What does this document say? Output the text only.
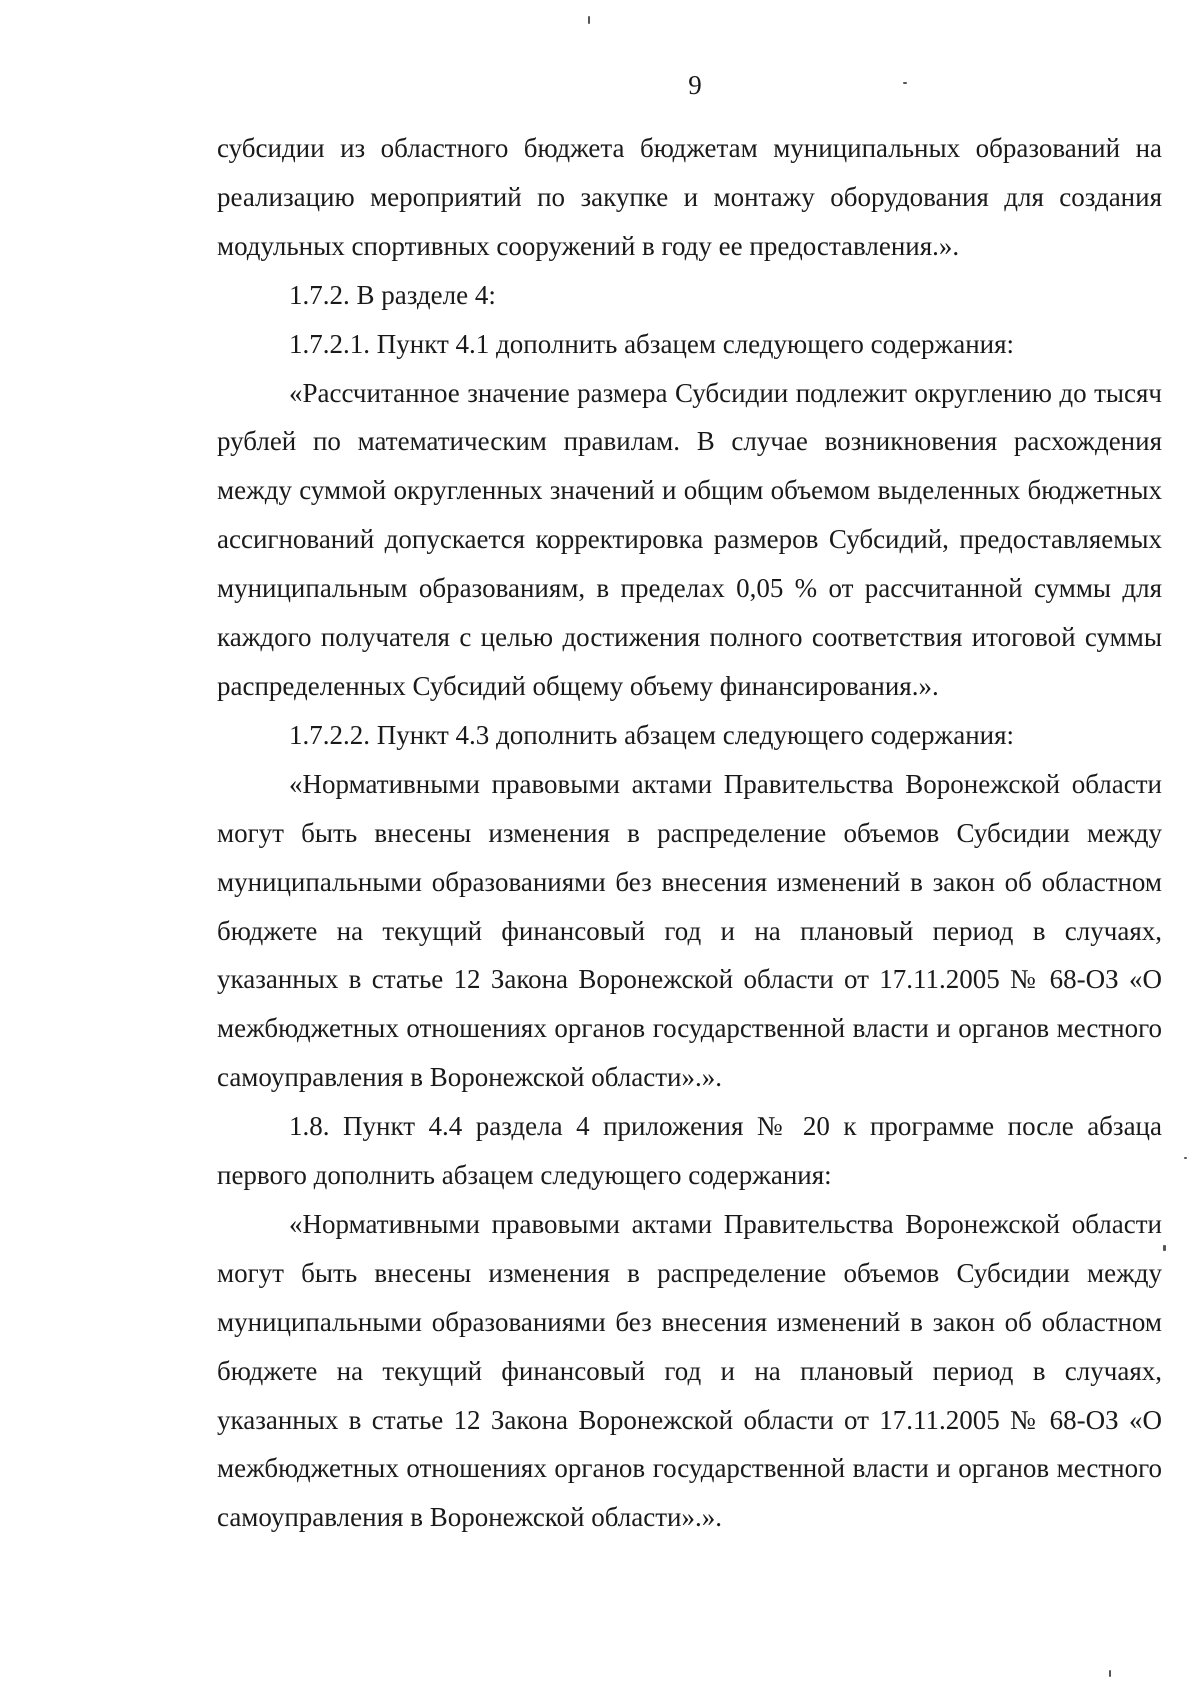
9

субсидии из областного бюджета бюджетам муниципальных образований на реализацию мероприятий по закупке и монтажу оборудования для создания модульных спортивных сооружений в году ее предоставления.».

1.7.2. В разделе 4:

1.7.2.1. Пункт 4.1 дополнить абзацем следующего содержания:

«Рассчитанное значение размера Субсидии подлежит округлению до тысяч рублей по математическим правилам. В случае возникновения расхождения между суммой округленных значений и общим объемом выделенных бюджетных ассигнований допускается корректировка размеров Субсидий, предоставляемых муниципальным образованиям, в пределах 0,05 % от рассчитанной суммы для каждого получателя с целью достижения полного соответствия итоговой суммы распределенных Субсидий общему объему финансирования.».

1.7.2.2. Пункт 4.3 дополнить абзацем следующего содержания:

«Нормативными правовыми актами Правительства Воронежской области могут быть внесены изменения в распределение объемов Субсидии между муниципальными образованиями без внесения изменений в закон об областном бюджете на текущий финансовый год и на плановый период в случаях, указанных в статье 12 Закона Воронежской области от 17.11.2005 № 68-ОЗ «О межбюджетных отношениях органов государственной власти и органов местного самоуправления в Воронежской области».».

1.8. Пункт 4.4 раздела 4 приложения № 20 к программе после абзаца первого дополнить абзацем следующего содержания:

«Нормативными правовыми актами Правительства Воронежской области могут быть внесены изменения в распределение объемов Субсидии между муниципальными образованиями без внесения изменений в закон об областном бюджете на текущий финансовый год и на плановый период в случаях, указанных в статье 12 Закона Воронежской области от 17.11.2005 № 68-ОЗ «О межбюджетных отношениях органов государственной власти и органов местного самоуправления в Воронежской области».».
